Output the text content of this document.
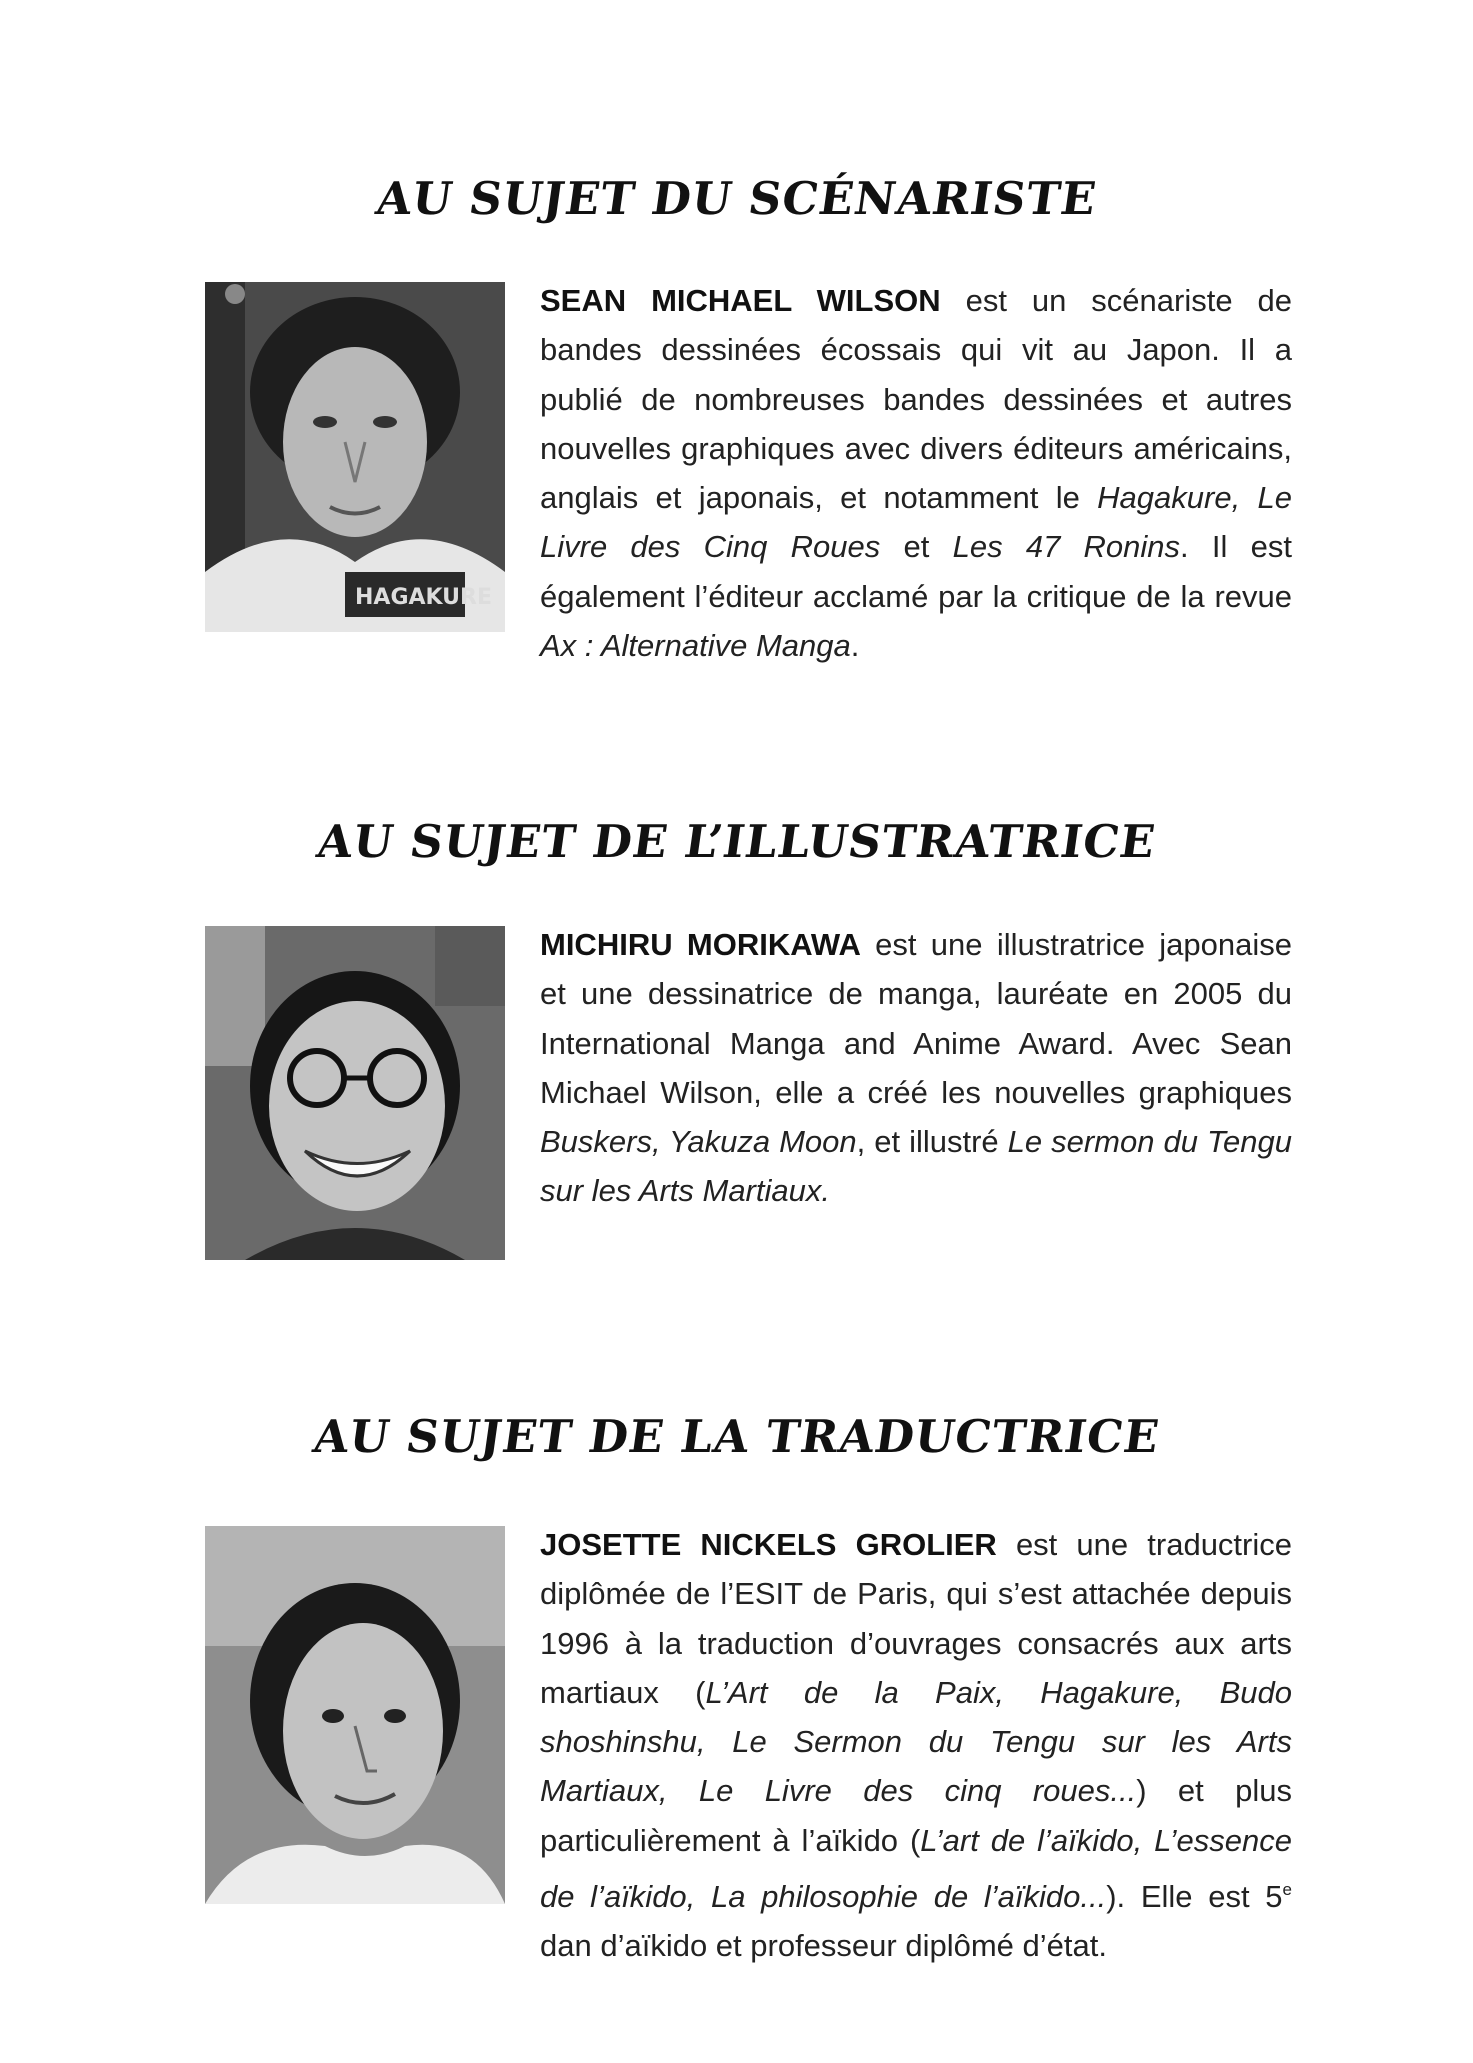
AU SUJET DU SCÉNARISTE
HAGAKURE

SEAN MICHAEL WILSON est un scénariste de bandes dessinées écossais qui vit au Japon. Il a publié de nombreuses bandes dessinées et autres nouvelles graphiques avec divers éditeurs américains, anglais et japonais, et notamment le Hagakure, Le Livre des Cinq Roues et Les 47 Ronins. Il est également l’éditeur acclamé par la critique de la revue Ax : Alternative Manga.

AU SUJET DE L’ILLUSTRATRICE

MICHIRU MORIKAWA est une illustratrice japonaise et une dessinatrice de manga, lauréate en 2005 du International Manga and Anime Award. Avec Sean Michael Wilson, elle a créé les nouvelles graphiques Buskers, Yakuza Moon, et illustré Le sermon du Tengu sur les Arts Martiaux.

AU SUJET DE LA TRADUCTRICE

JOSETTE NICKELS GROLIER est une traductrice diplômée de l’ESIT de Paris, qui s’est attachée depuis 1996 à la traduction d’ouvrages consacrés aux arts martiaux (L’Art de la Paix, Hagakure, Budo shoshinshu, Le Sermon du Tengu sur les Arts Martiaux, Le Livre des cinq roues...) et plus particulièrement à l’aïkido (L’art de l’aïkido, L’essence de l’aïkido, La philosophie de l’aïkido...). Elle est 5e dan d’aïkido et professeur diplômé d’état.
